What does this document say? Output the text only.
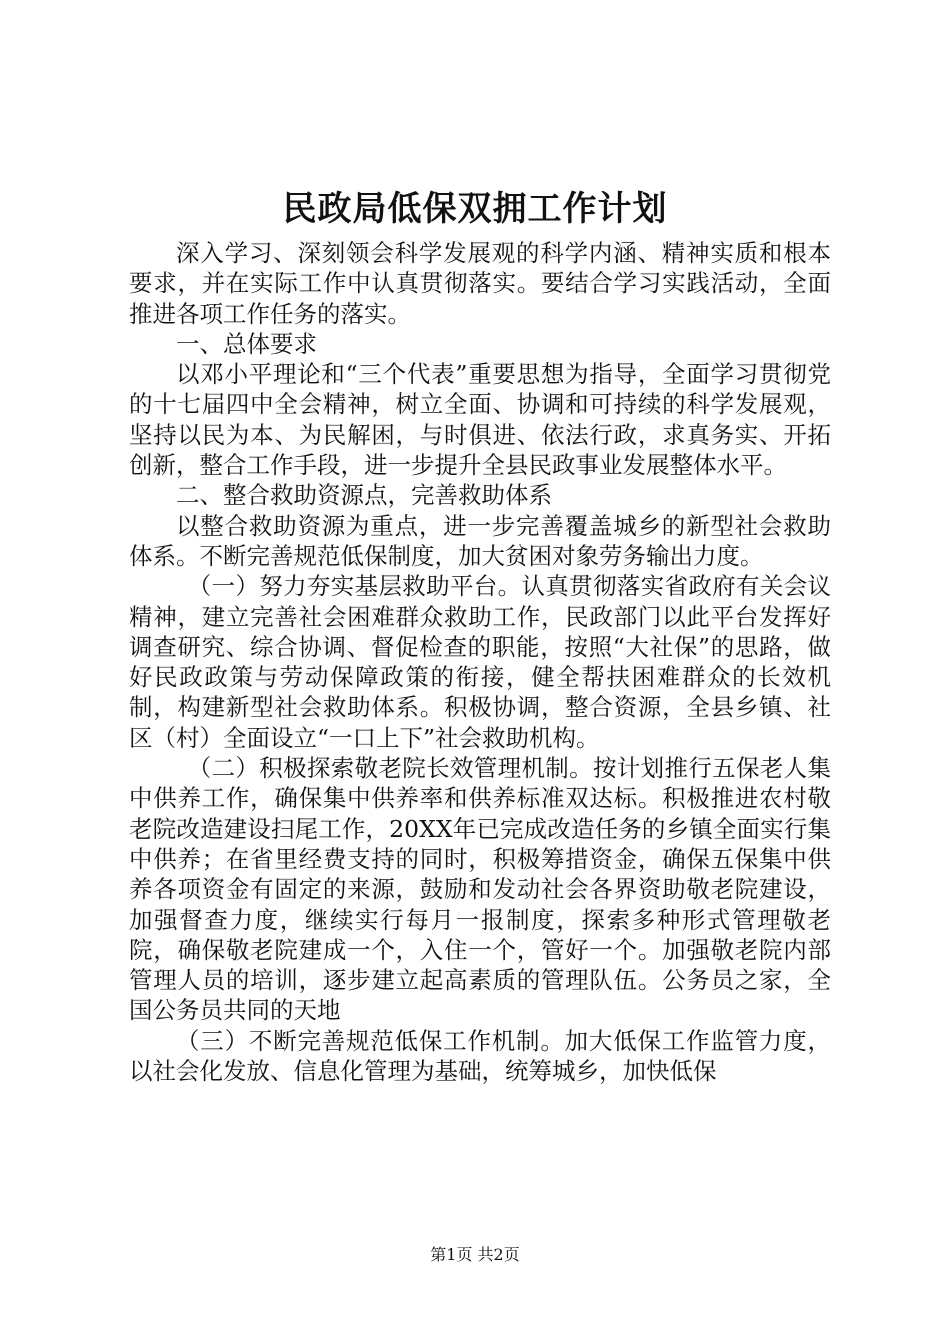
民政局低保双拥工作计划

深入学习、深刻领会科学发展观的科学内涵、精神实质和根本要求，并在实际工作中认真贯彻落实。要结合学习实践活动，全面推进各项工作任务的落实。

一、总体要求

以邓小平理论和“三个代表”重要思想为指导，全面学习贯彻党的十七届四中全会精神，树立全面、协调和可持续的科学发展观，坚持以民为本、为民解困，与时俱进、依法行政，求真务实、开拓创新，整合工作手段，进一步提升全县民政事业发展整体水平。

二、整合救助资源点，完善救助体系

以整合救助资源为重点，进一步完善覆盖城乡的新型社会救助体系。不断完善规范低保制度，加大贫困对象劳务输出力度。

（一）努力夯实基层救助平台。认真贯彻落实省政府有关会议精神，建立完善社会困难群众救助工作，民政部门以此平台发挥好调查研究、综合协调、督促检查的职能，按照“大社保”的思路，做好民政政策与劳动保障政策的衔接，健全帮扶困难群众的长效机制，构建新型社会救助体系。积极协调，整合资源，全县乡镇、社区（村）全面设立“一口上下”社会救助机构。

（二）积极探索敬老院长效管理机制。按计划推行五保老人集中供养工作，确保集中供养率和供养标准双达标。积极推进农村敬老院改造建设扫尾工作，20XX年已完成改造任务的乡镇全面实行集中供养；在省里经费支持的同时，积极筹措资金，确保五保集中供养各项资金有固定的来源，鼓励和发动社会各界资助敬老院建设，加强督查力度，继续实行每月一报制度，探索多种形式管理敬老院，确保敬老院建成一个，入住一个，管好一个。加强敬老院内部管理人员的培训，逐步建立起高素质的管理队伍。公务员之家，全国公务员共同的天地

（三）不断完善规范低保工作机制。加大低保工作监管力度，以社会化发放、信息化管理为基础，统筹城乡，加快低保

第1页 共2页
